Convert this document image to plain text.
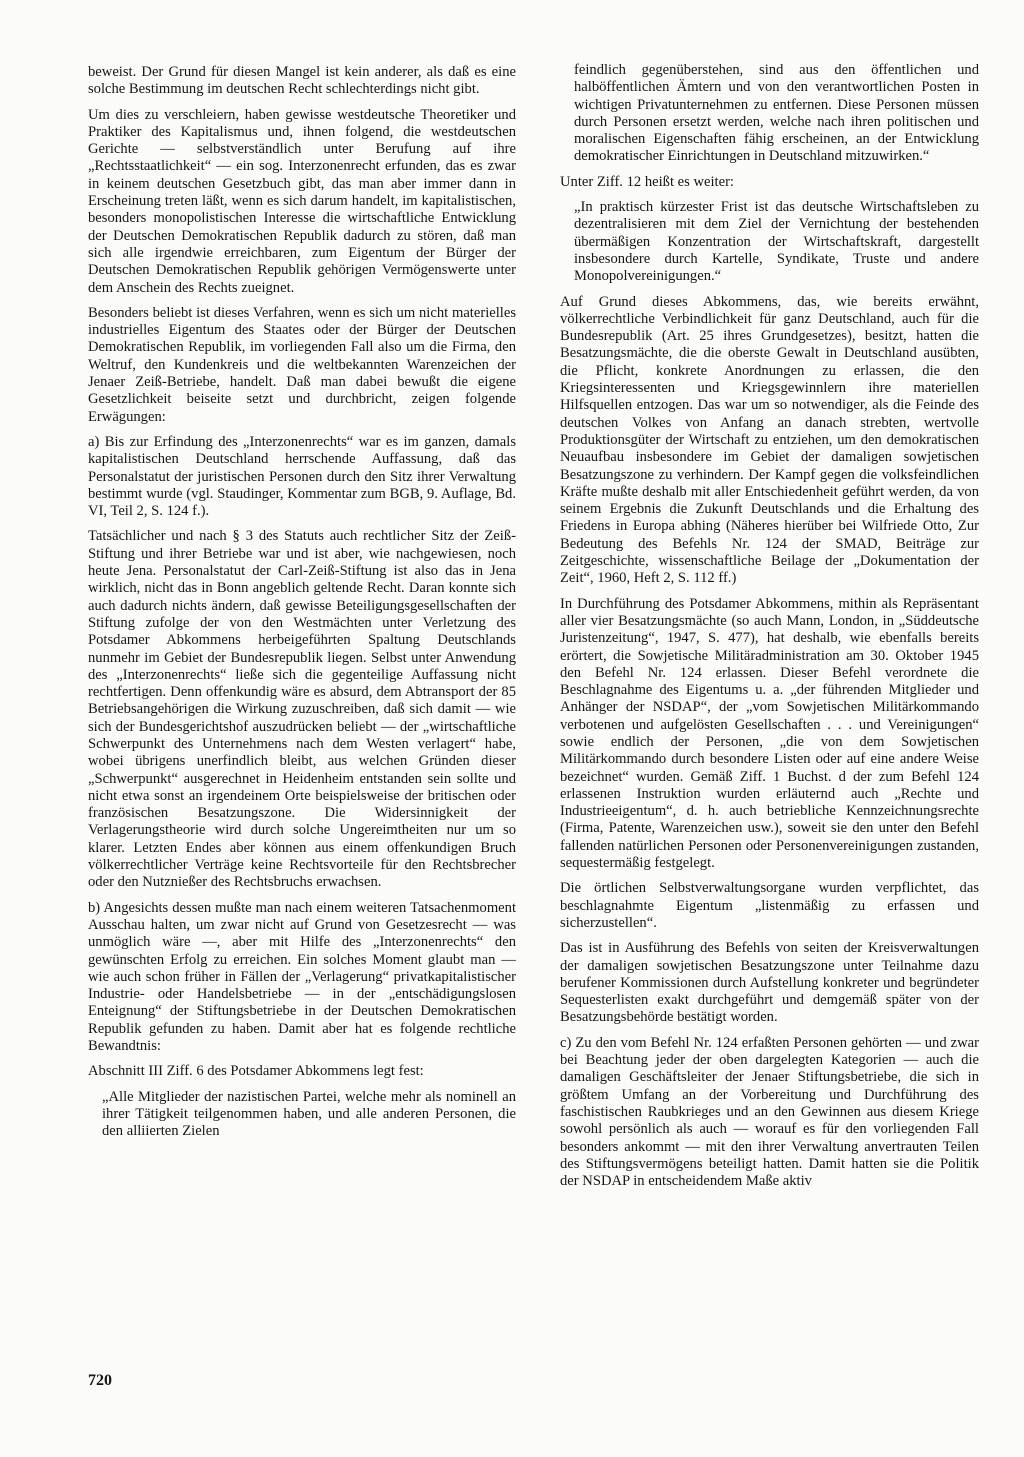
beweist. Der Grund für diesen Mangel ist kein anderer, als daß es eine solche Bestimmung im deutschen Recht schlechterdings nicht gibt.

Um dies zu verschleiern, haben gewisse westdeutsche Theoretiker und Praktiker des Kapitalismus und, ihnen folgend, die westdeutschen Gerichte — selbstverständlich unter Berufung auf ihre „Rechtsstaatlichkeit“ — ein sog. Interzonenrecht erfunden, das es zwar in keinem deutschen Gesetzbuch gibt, das man aber immer dann in Erscheinung treten läßt, wenn es sich darum handelt, im kapitalistischen, besonders monopolistischen Interesse die wirtschaftliche Entwicklung der Deutschen Demokratischen Republik dadurch zu stören, daß man sich alle irgendwie erreichbaren, zum Eigentum der Bürger der Deutschen Demokratischen Republik gehörigen Vermögenswerte unter dem Anschein des Rechts zueignet.

Besonders beliebt ist dieses Verfahren, wenn es sich um nicht materielles industrielles Eigentum des Staates oder der Bürger der Deutschen Demokratischen Republik, im vorliegenden Fall also um die Firma, den Weltruf, den Kundenkreis und die weltbekannten Warenzeichen der Jenaer Zeiß-Betriebe, handelt. Daß man dabei bewußt die eigene Gesetzlichkeit beiseite setzt und durchbricht, zeigen folgende Erwägungen:

a) Bis zur Erfindung des „Interzonenrechts“ war es im ganzen, damals kapitalistischen Deutschland herrschende Auffassung, daß das Personalstatut der juristischen Personen durch den Sitz ihrer Verwaltung bestimmt wurde (vgl. Staudinger, Kommentar zum BGB, 9. Auflage, Bd. VI, Teil 2, S. 124 f.).

Tatsächlicher und nach § 3 des Statuts auch rechtlicher Sitz der Zeiß-Stiftung und ihrer Betriebe war und ist aber, wie nachgewiesen, noch heute Jena. Personalstatut der Carl-Zeiß-Stiftung ist also das in Jena wirklich, nicht das in Bonn angeblich geltende Recht. Daran konnte sich auch dadurch nichts ändern, daß gewisse Beteiligungsgesellschaften der Stiftung zufolge der von den Westmächten unter Verletzung des Potsdamer Abkommens herbeigeführten Spaltung Deutschlands nunmehr im Gebiet der Bundesrepublik liegen. Selbst unter Anwendung des „Interzonenrechts“ ließe sich die gegenteilige Auffassung nicht rechtfertigen. Denn offenkundig wäre es absurd, dem Abtransport der 85 Betriebsangehörigen die Wirkung zuzuschreiben, daß sich damit — wie sich der Bundesgerichtshof auszudrücken beliebt — der „wirtschaftliche Schwerpunkt des Unternehmens nach dem Westen verlagert“ habe, wobei übrigens unerfindlich bleibt, aus welchen Gründen dieser „Schwerpunkt“ ausgerechnet in Heidenheim entstanden sein sollte und nicht etwa sonst an irgendeinem Orte beispielsweise der britischen oder französischen Besatzungszone. Die Widersinnigkeit der Verlagerungstheorie wird durch solche Ungereimtheiten nur um so klarer. Letzten Endes aber können aus einem offenkundigen Bruch völkerrechtlicher Verträge keine Rechtsvorteile für den Rechtsbrecher oder den Nutznießer des Rechtsbruchs erwachsen.

b) Angesichts dessen mußte man nach einem weiteren Tatsachenmoment Ausschau halten, um zwar nicht auf Grund von Gesetzesrecht — was unmöglich wäre —, aber mit Hilfe des „Interzonenrechts“ den gewünschten Erfolg zu erreichen. Ein solches Moment glaubt man — wie auch schon früher in Fällen der „Verlagerung“ privatkapitalistischer Industrie- oder Handelsbetriebe — in der „entschädigungslosen Enteignung“ der Stiftungsbetriebe in der Deutschen Demokratischen Republik gefunden zu haben. Damit aber hat es folgende rechtliche Bewandtnis:

Abschnitt III Ziff. 6 des Potsdamer Abkommens legt fest:

„Alle Mitglieder der nazistischen Partei, welche mehr als nominell an ihrer Tätigkeit teilgenommen haben, und alle anderen Personen, die den alliierten Zielen

feindlich gegenüberstehen, sind aus den öffentlichen und halböffentlichen Ämtern und von den verantwortlichen Posten in wichtigen Privatunternehmen zu entfernen. Diese Personen müssen durch Personen ersetzt werden, welche nach ihren politischen und moralischen Eigenschaften fähig erscheinen, an der Entwicklung demokratischer Einrichtungen in Deutschland mitzuwirken.“

Unter Ziff. 12 heißt es weiter:

„In praktisch kürzester Frist ist das deutsche Wirtschaftsleben zu dezentralisieren mit dem Ziel der Vernichtung der bestehenden übermäßigen Konzentration der Wirtschaftskraft, dargestellt insbesondere durch Kartelle, Syndikate, Truste und andere Monopolvereinigungen.“

Auf Grund dieses Abkommens, das, wie bereits erwähnt, völkerrechtliche Verbindlichkeit für ganz Deutschland, auch für die Bundesrepublik (Art. 25 ihres Grundgesetzes), besitzt, hatten die Besatzungsmächte, die die oberste Gewalt in Deutschland ausübten, die Pflicht, konkrete Anordnungen zu erlassen, die den Kriegsinteressenten und Kriegsgewinnlern ihre materiellen Hilfsquellen entzogen. Das war um so notwendiger, als die Feinde des deutschen Volkes von Anfang an danach strebten, wertvolle Produktionsgüter der Wirtschaft zu entziehen, um den demokratischen Neuaufbau insbesondere im Gebiet der damaligen sowjetischen Besatzungszone zu verhindern. Der Kampf gegen die volksfeindlichen Kräfte mußte deshalb mit aller Entschiedenheit geführt werden, da von seinem Ergebnis die Zukunft Deutschlands und die Erhaltung des Friedens in Europa abhing (Näheres hierüber bei Wilfriede Otto, Zur Bedeutung des Befehls Nr. 124 der SMAD, Beiträge zur Zeitgeschichte, wissenschaftliche Beilage der „Dokumentation der Zeit“, 1960, Heft 2, S. 112 ff.)

In Durchführung des Potsdamer Abkommens, mithin als Repräsentant aller vier Besatzungsmächte (so auch Mann, London, in „Süddeutsche Juristenzeitung“, 1947, S. 477), hat deshalb, wie ebenfalls bereits erörtert, die Sowjetische Militäradministration am 30. Oktober 1945 den Befehl Nr. 124 erlassen. Dieser Befehl verordnete die Beschlagnahme des Eigentums u. a. „der führenden Mitglieder und Anhänger der NSDAP“, der „vom Sowjetischen Militärkommando verbotenen und aufgelösten Gesellschaften . . . und Vereinigungen“ sowie endlich der Personen, „die von dem Sowjetischen Militärkommando durch besondere Listen oder auf eine andere Weise bezeichnet“ wurden. Gemäß Ziff. 1 Buchst. d der zum Befehl 124 erlassenen Instruktion wurden erläuternd auch „Rechte und Industrieeigentum“, d. h. auch betriebliche Kennzeichnungsrechte (Firma, Patente, Warenzeichen usw.), soweit sie den unter den Befehl fallenden natürlichen Personen oder Personenvereinigungen zustanden, sequestermäßig festgelegt.

Die örtlichen Selbstverwaltungsorgane wurden verpflichtet, das beschlagnahmte Eigentum „listenmäßig zu erfassen und sicherzustellen“.

Das ist in Ausführung des Befehls von seiten der Kreisverwaltungen der damaligen sowjetischen Besatzungszone unter Teilnahme dazu berufener Kommissionen durch Aufstellung konkreter und begründeter Sequesterlisten exakt durchgeführt und demgemäß später von der Besatzungsbehörde bestätigt worden.

c) Zu den vom Befehl Nr. 124 erfaßten Personen gehörten — und zwar bei Beachtung jeder der oben dargelegten Kategorien — auch die damaligen Geschäftsleiter der Jenaer Stiftungsbetriebe, die sich in größtem Umfang an der Vorbereitung und Durchführung des faschistischen Raubkrieges und an den Gewinnen aus diesem Kriege sowohl persönlich als auch — worauf es für den vorliegenden Fall besonders ankommt — mit den ihrer Verwaltung anvertrauten Teilen des Stiftungsvermögens beteiligt hatten. Damit hatten sie die Politik der NSDAP in entscheidendem Maße aktiv

720
